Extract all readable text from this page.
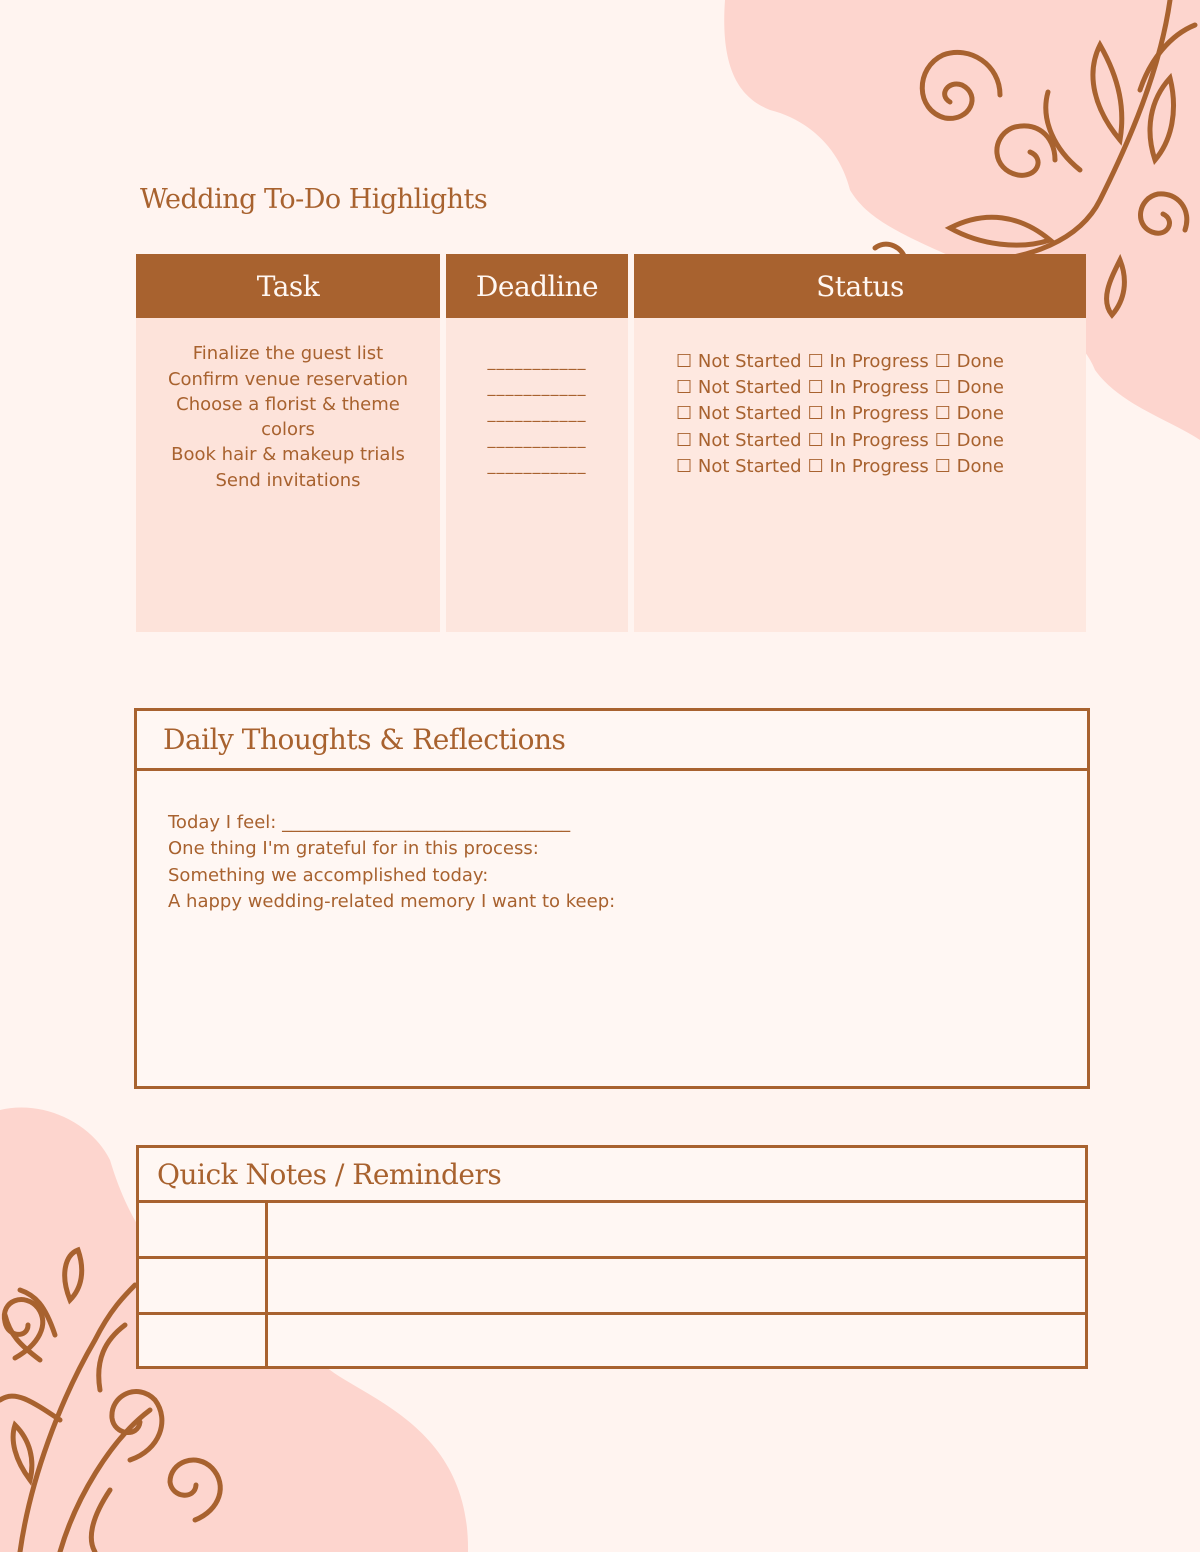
Wedding To-Do Highlights
Task
Finalize the guest list
Confirm venue reservation
Choose a florist & theme colors
Book hair & makeup trials
Send invitations
Deadline
___________
___________
___________
___________
___________
Status
☐ Not Started ☐ In Progress ☐ Done
☐ Not Started ☐ In Progress ☐ Done
☐ Not Started ☐ In Progress ☐ Done
☐ Not Started ☐ In Progress ☐ Done
☐ Not Started ☐ In Progress ☐ Done
Daily Thoughts & Reflections
Today I feel: ________________________________
One thing I'm grateful for in this process:
Something we accomplished today:
A happy wedding-related memory I want to keep:
Quick Notes / Reminders
